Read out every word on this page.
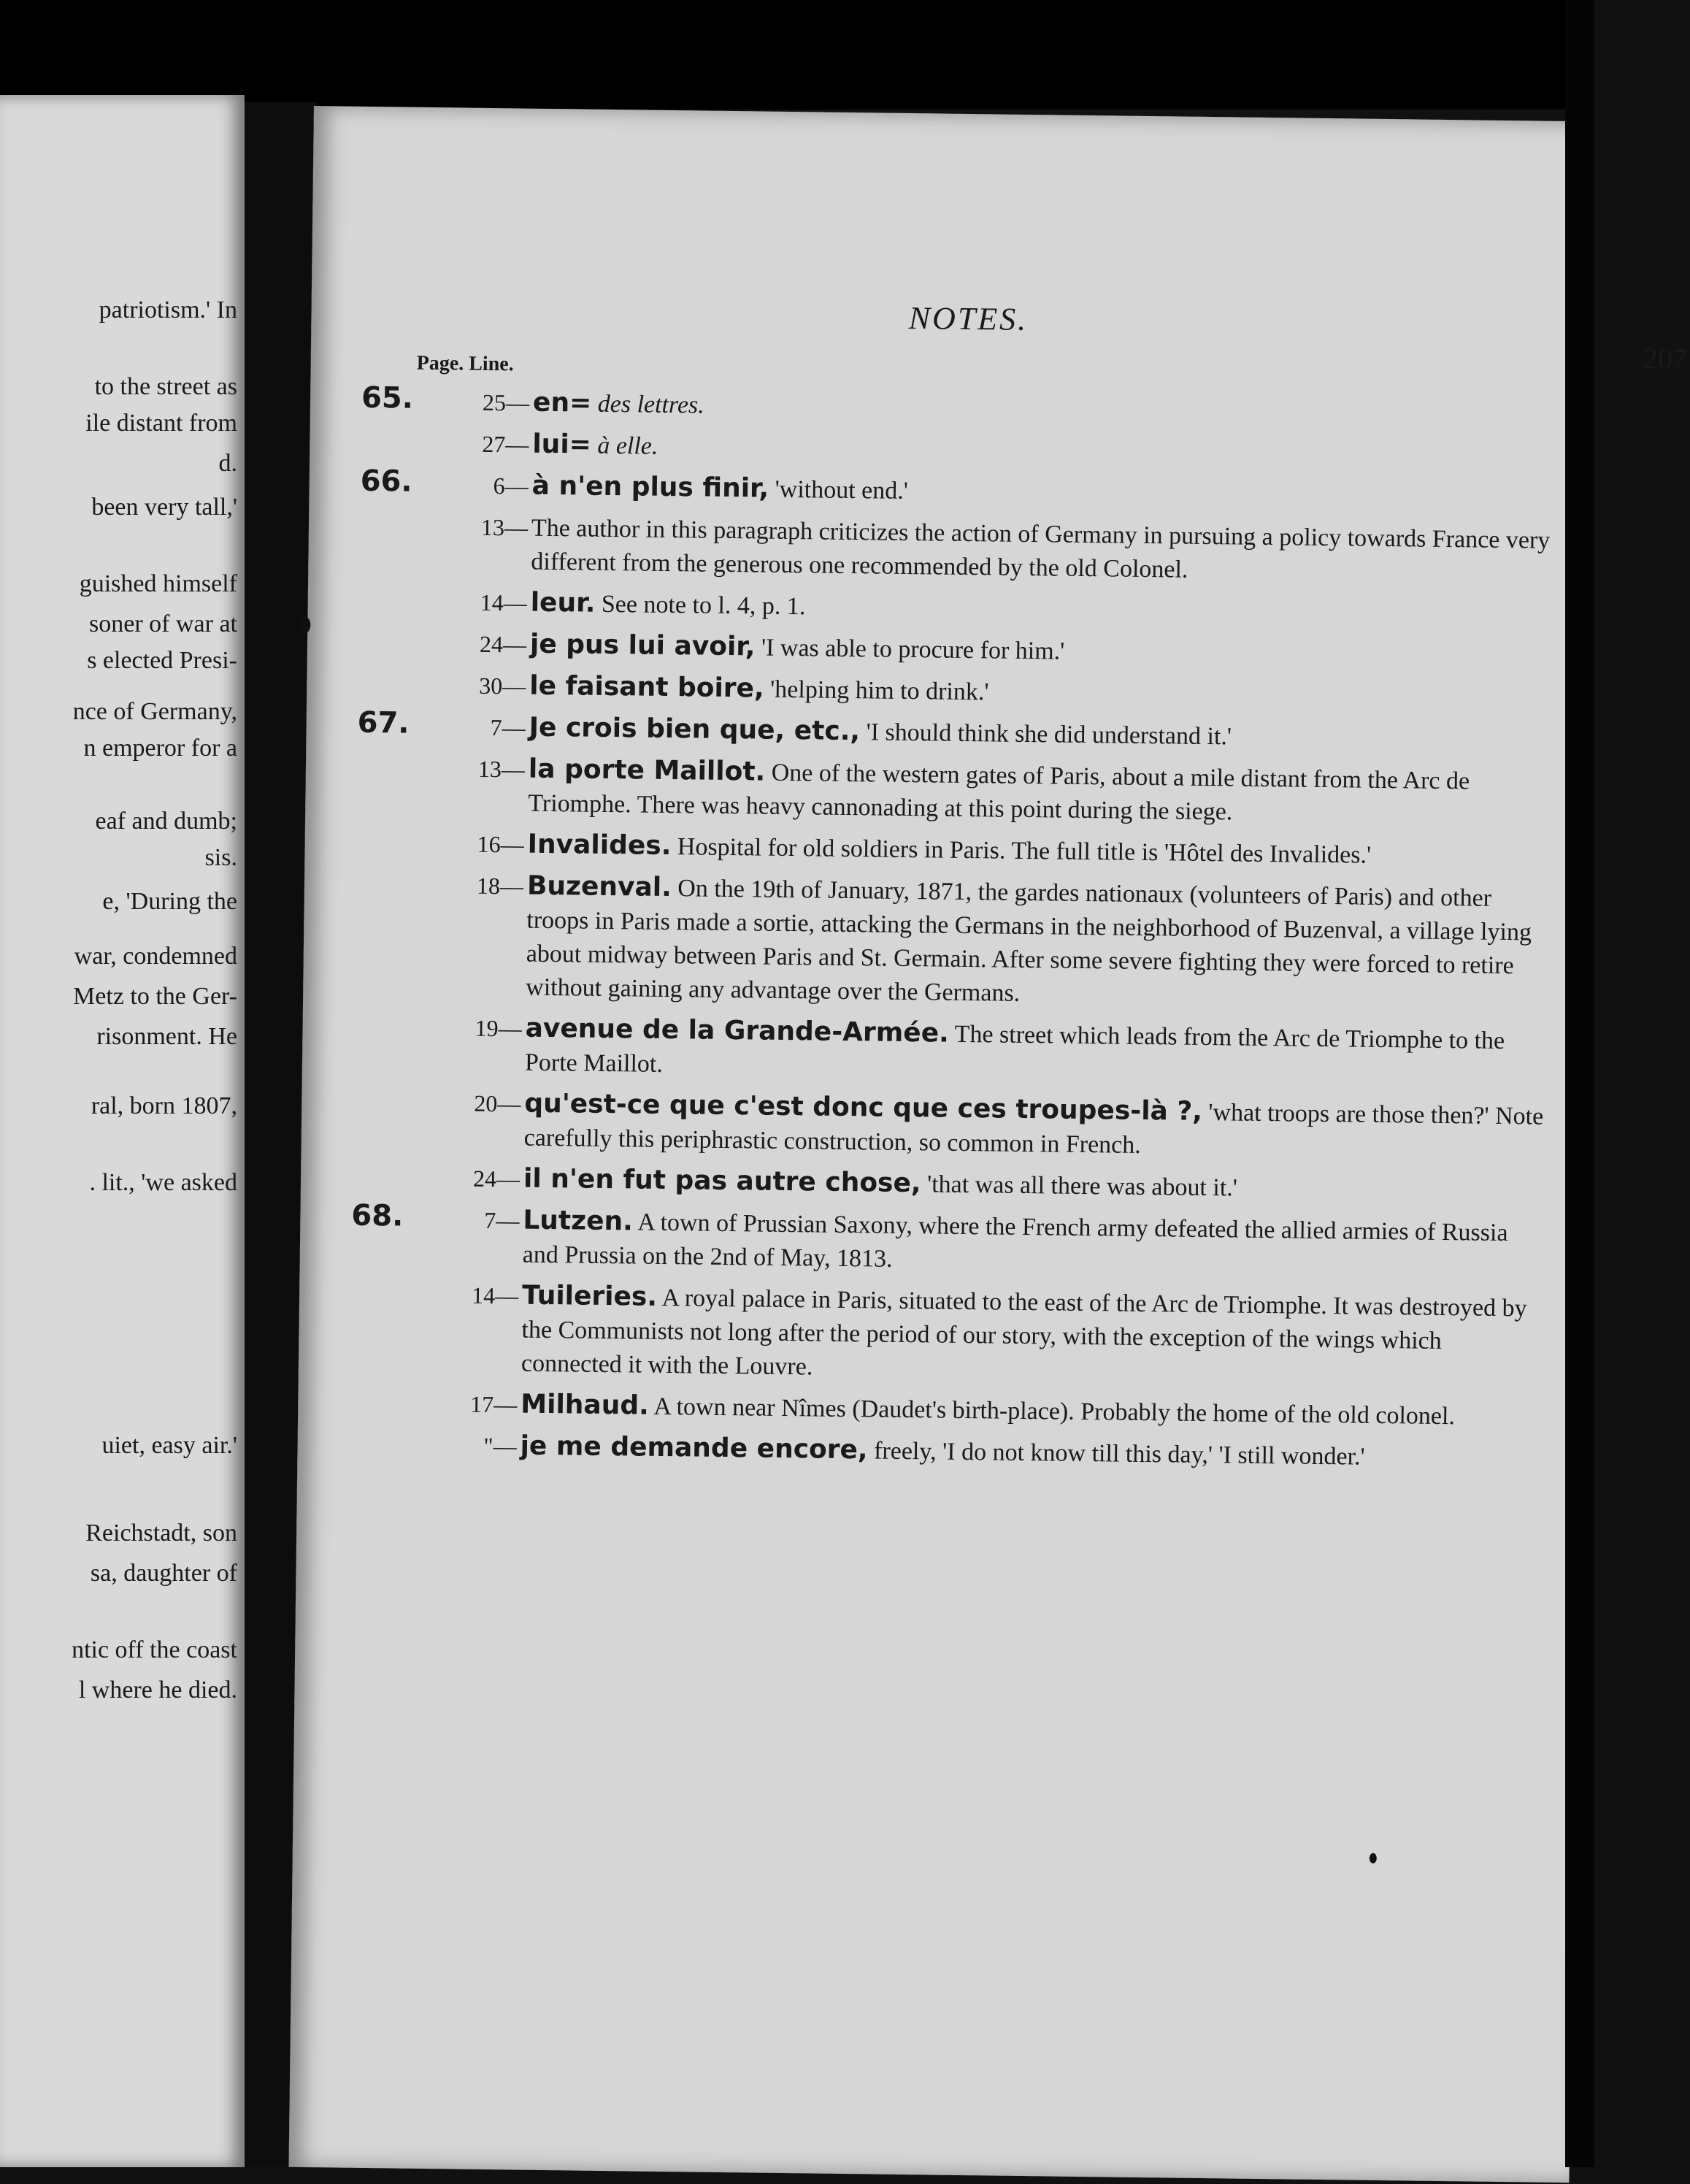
patriotism.' In
to the street as
ile distant from
d.
been very tall,'
guished himself
soner of war at
s elected Presi-
nce of Germany,
n emperor for a
eaf and dumb;
sis.
e, 'During the
war, condemned
Metz to the Ger-
risonment. He
ral, born 1807,
. lit., 'we asked
uiet, easy air.'
Reichstadt, son
sa, daughter of
ntic off the coast
l where he died.
NOTES.
207
Page. Line.
65.	25— en= des lettres.
27— lui= à elle.
66.	6— à n'en plus finir, 'without end.'
13— The author in this paragraph criticizes the action of Germany in pursuing a policy towards France very different from the generous one recommended by the old Colonel.
14— leur. See note to l. 4, p. 1.
24— je pus lui avoir, 'I was able to procure for him.'
30— le faisant boire, 'helping him to drink.'
67.	7— Je crois bien que, etc., 'I should think she did understand it.'
13— la porte Maillot. One of the western gates of Paris, about a mile distant from the Arc de Triomphe. There was heavy cannonading at this point during the siege.
16— Invalides. Hospital for old soldiers in Paris. The full title is 'Hôtel des Invalides.'
18— Buzenval. On the 19th of January, 1871, the gardes nationaux (volunteers of Paris) and other troops in Paris made a sortie, attacking the Germans in the neighborhood of Buzenval, a village lying about midway between Paris and St. Germain. After some severe fighting they were forced to retire without gaining any advantage over the Germans.
19— avenue de la Grande-Armée. The street which leads from the Arc de Triomphe to the Porte Maillot.
20— qu'est-ce que c'est donc que ces troupes-là ?, 'what troops are those then?' Note carefully this periphrastic construction, so common in French.
24— il n'en fut pas autre chose, 'that was all there was about it.'
68.	7— Lutzen. A town of Prussian Saxony, where the French army defeated the allied armies of Russia and Prussia on the 2nd of May, 1813.
14— Tuileries. A royal palace in Paris, situated to the east of the Arc de Triomphe. It was destroyed by the Communists not long after the period of our story, with the exception of the wings which connected it with the Louvre.
17— Milhaud. A town near Nîmes (Daudet's birth-place). Probably the home of the old colonel.
"— je me demande encore, freely, 'I do not know till this day,' 'I still wonder.'
